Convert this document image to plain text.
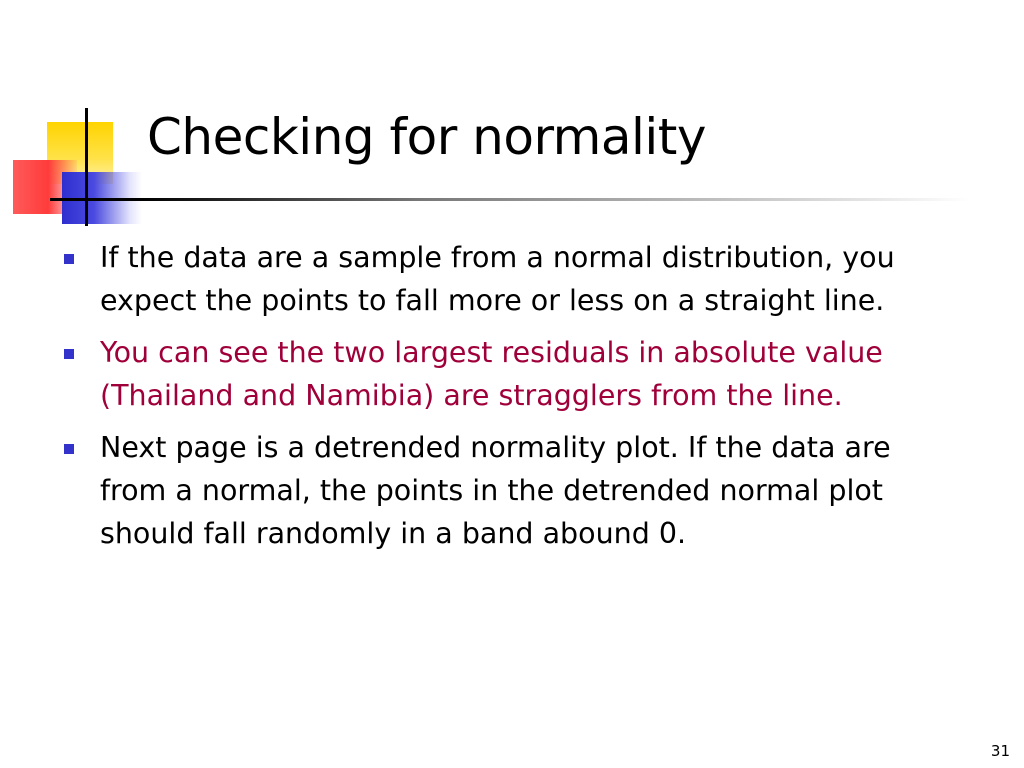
Checking for normality
If the data are a sample from a normal distribution, you expect the points to fall more or less on a straight line.
You can see the two largest residuals in absolute value (Thailand and Namibia) are stragglers from the line.
Next page is a detrended normality plot. If the data are from a normal, the points in the detrended normal plot should fall randomly in a band abound 0.
31
